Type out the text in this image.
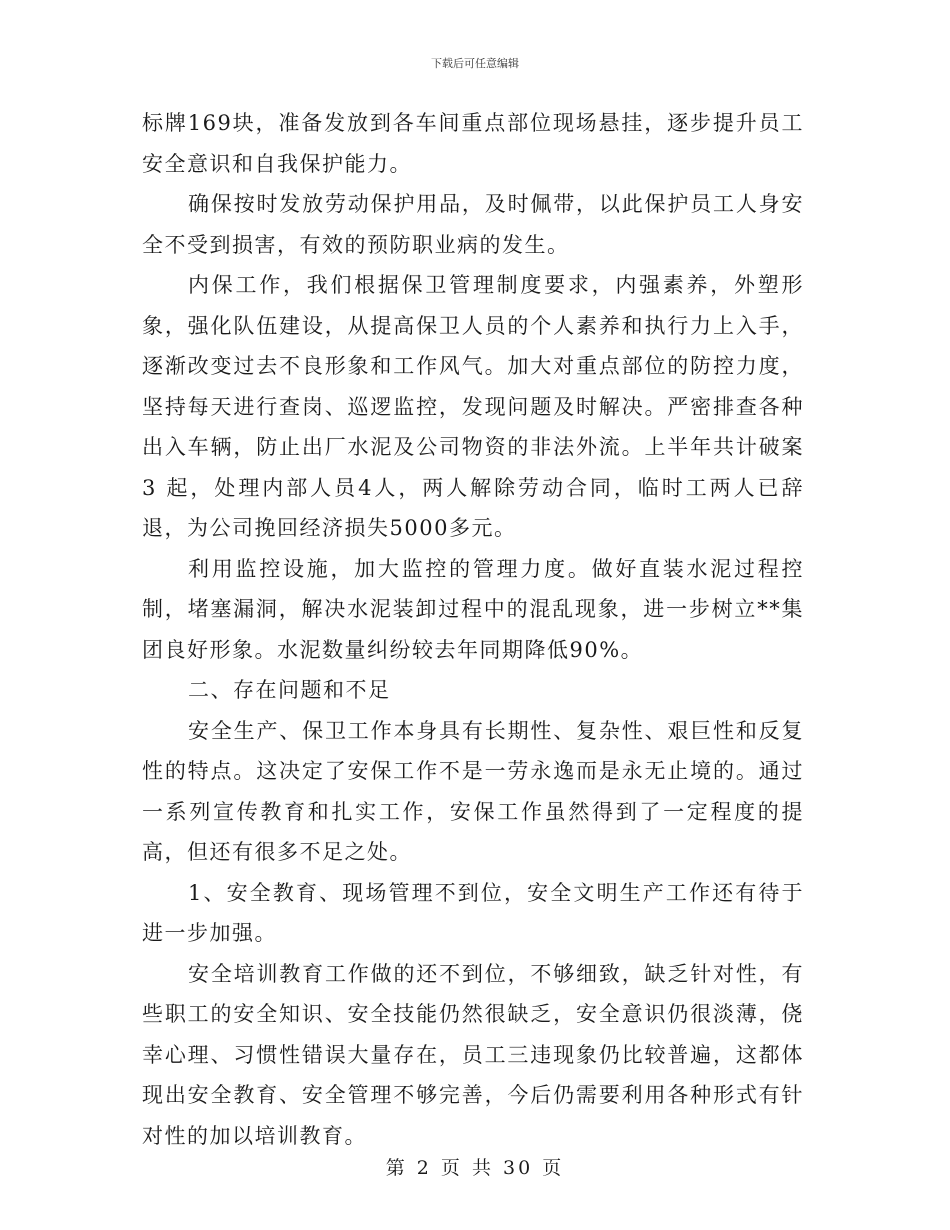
下载后可任意编辑

标牌169块，准备发放到各车间重点部位现场悬挂，逐步提升员工安全意识和自我保护能力。

确保按时发放劳动保护用品，及时佩带，以此保护员工人身安全不受到损害，有效的预防职业病的发生。

内保工作，我们根据保卫管理制度要求，内强素养，外塑形象，强化队伍建设，从提高保卫人员的个人素养和执行力上入手，逐渐改变过去不良形象和工作风气。加大对重点部位的防控力度，坚持每天进行查岗、巡逻监控，发现问题及时解决。严密排查各种出入车辆，防止出厂水泥及公司物资的非法外流。上半年共计破案 3 起，处理内部人员4人，两人解除劳动合同，临时工两人已辞退，为公司挽回经济损失5000多元。

利用监控设施，加大监控的管理力度。做好直装水泥过程控制，堵塞漏洞，解决水泥装卸过程中的混乱现象，进一步树立**集团良好形象。水泥数量纠纷较去年同期降低90%。

二、存在问题和不足

安全生产、保卫工作本身具有长期性、复杂性、艰巨性和反复性的特点。这决定了安保工作不是一劳永逸而是永无止境的。通过一系列宣传教育和扎实工作，安保工作虽然得到了一定程度的提高，但还有很多不足之处。

1、安全教育、现场管理不到位，安全文明生产工作还有待于进一步加强。

安全培训教育工作做的还不到位，不够细致，缺乏针对性，有些职工的安全知识、安全技能仍然很缺乏，安全意识仍很淡薄，侥幸心理、习惯性错误大量存在，员工三违现象仍比较普遍，这都体现出安全教育、安全管理不够完善，今后仍需要利用各种形式有针对性的加以培训教育。

第 2 页 共 30 页
